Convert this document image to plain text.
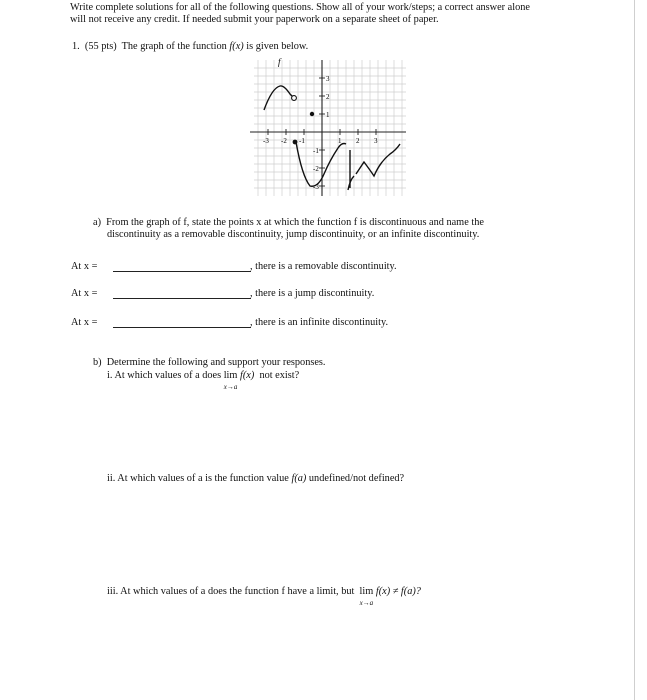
Write complete solutions for all of the following questions. Show all of your work/steps; a correct answer alone
will not receive any credit. If needed submit your paperwork on a separate sheet of paper.
1. (55 pts) The graph of the function f(x) is given below.
-3 -2 -1	1 2 3
3
2
1
-1
-2
-3
f
a) From the graph of f, state the points x at which the function f is discontinuous and name the
discontinuity as a removable discontinuity, jump discontinuity, or an infinite discontinuity.
At x =	, there is a removable discontinuity.
At x =	, there is a jump discontinuity.
At x =	, there is an infinite discontinuity.
b) Determine the following and support your responses.
i. At which values of a does lim
x→a
f(x) not exist?
ii. At which values of a is the function value f(a) undefined/not defined?
iii. At which values of a does the function f have a limit, but lim
x→a
f(x) ≠ f(a)?
